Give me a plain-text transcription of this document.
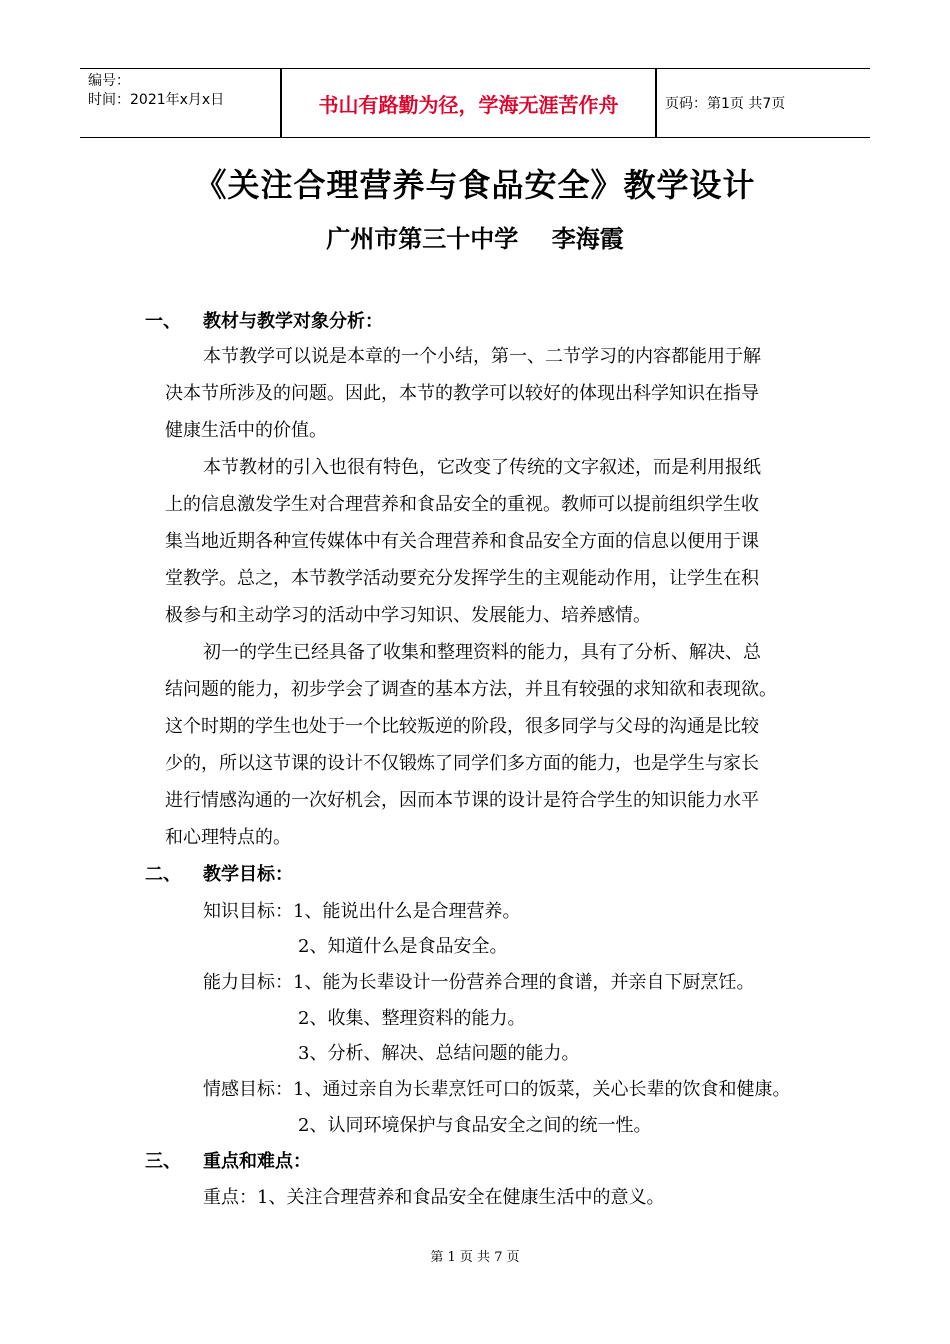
编号：
时间：2021年x月x日	书山有路勤为径，学海无涯苦作舟	页码：第1页 共7页
《关注合理营养与食品安全》教学设计
广州市第三十中学    李海霞
一、 教材与教学对象分析：
本节教学可以说是本章的一个小结，第一、二节学习的内容都能用于解
决本节所涉及的问题。因此，本节的教学可以较好的体现出科学知识在指导
健康生活中的价值。
本节教材的引入也很有特色，它改变了传统的文字叙述，而是利用报纸
上的信息激发学生对合理营养和食品安全的重视。教师可以提前组织学生收
集当地近期各种宣传媒体中有关合理营养和食品安全方面的信息以便用于课
堂教学。总之，本节教学活动要充分发挥学生的主观能动作用，让学生在积
极参与和主动学习的活动中学习知识、发展能力、培养感情。
初一的学生已经具备了收集和整理资料的能力，具有了分析、解决、总
结问题的能力，初步学会了调查的基本方法，并且有较强的求知欲和表现欲。
这个时期的学生也处于一个比较叛逆的阶段，很多同学与父母的沟通是比较
少的，所以这节课的设计不仅锻炼了同学们多方面的能力，也是学生与家长
进行情感沟通的一次好机会，因而本节课的设计是符合学生的知识能力水平
和心理特点的。
二、 教学目标：
知识目标：1、能说出什么是合理营养。
2、知道什么是食品安全。
能力目标：1、能为长辈设计一份营养合理的食谱，并亲自下厨烹饪。
2、收集、整理资料的能力。
3、分析、解决、总结问题的能力。
情感目标：1、通过亲自为长辈烹饪可口的饭菜，关心长辈的饮食和健康。
2、认同环境保护与食品安全之间的统一性。
三、 重点和难点：
重点：1、关注合理营养和食品安全在健康生活中的意义。
第 1 页 共 7 页
